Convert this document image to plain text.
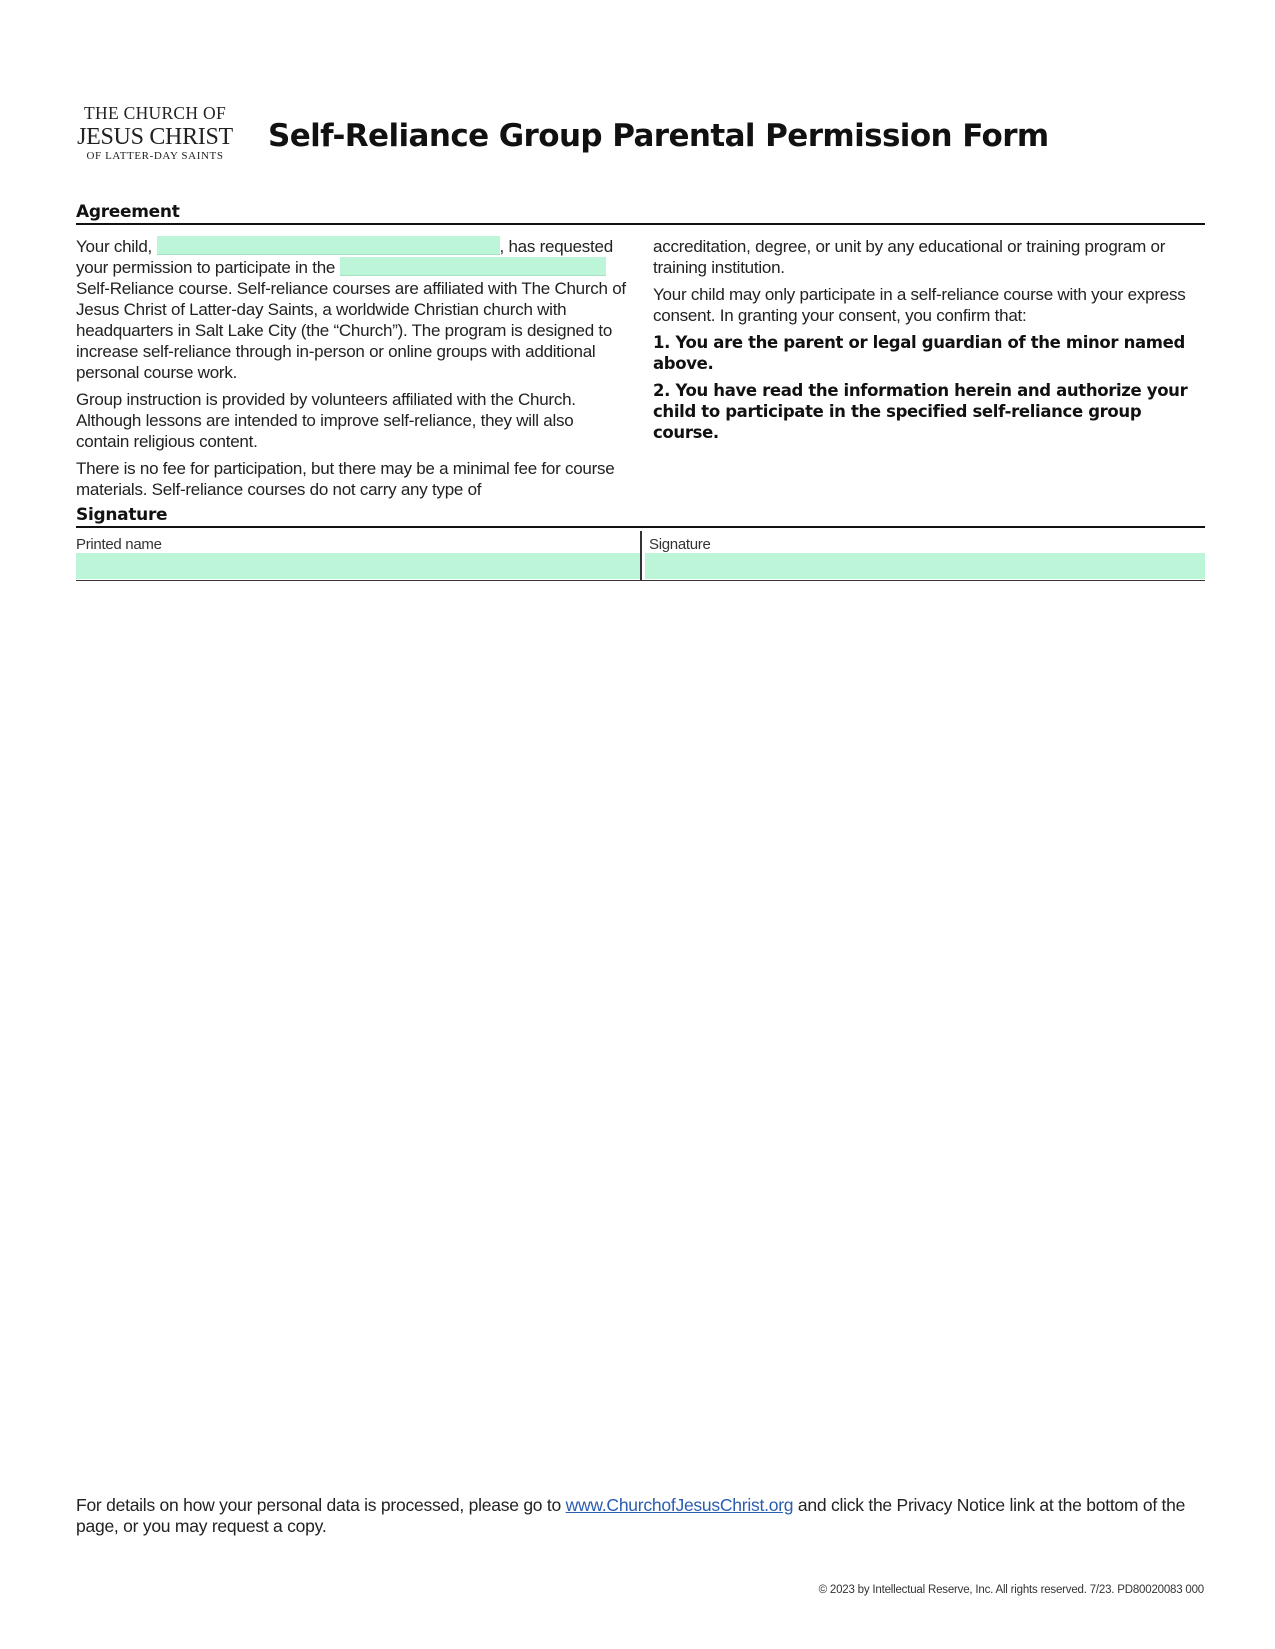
THE CHURCH OF
JESUS CHRIST
OF LATTER-DAY SAINTS
Self-Reliance Group Parental Permission Form
Agreement

Your child,	, has requested your permission to participate in the  Self-Reliance course. Self-reliance courses are affiliated with The Church of Jesus Christ of Latter-day Saints, a worldwide Christian church with headquarters in Salt Lake City (the “Church”). The program is designed to increase self-reliance through in-person or online groups with additional personal course work.

Group instruction is provided by volunteers affiliated with the Church. Although lessons are intended to improve self-reliance, they will also contain religious content.

There is no fee for participation, but there may be a minimal fee for course materials. Self-reliance courses do not carry any type of

accreditation, degree, or unit by any educational or training program or training institution.

Your child may only participate in a self-reliance course with your express consent. In granting your consent, you confirm that:

1. You are the parent or legal guardian of the minor named above.

2. You have read the information herein and authorize your child to participate in the specified self-reliance group course.

Signature
Printed name	Signature

For details on how your personal data is processed, please go to www.ChurchofJesusChrist.org and click the Privacy Notice link at the bottom of the page, or you may request a copy.

© 2023 by Intellectual Reserve, Inc. All rights reserved. 7/23. PD80020083 000
